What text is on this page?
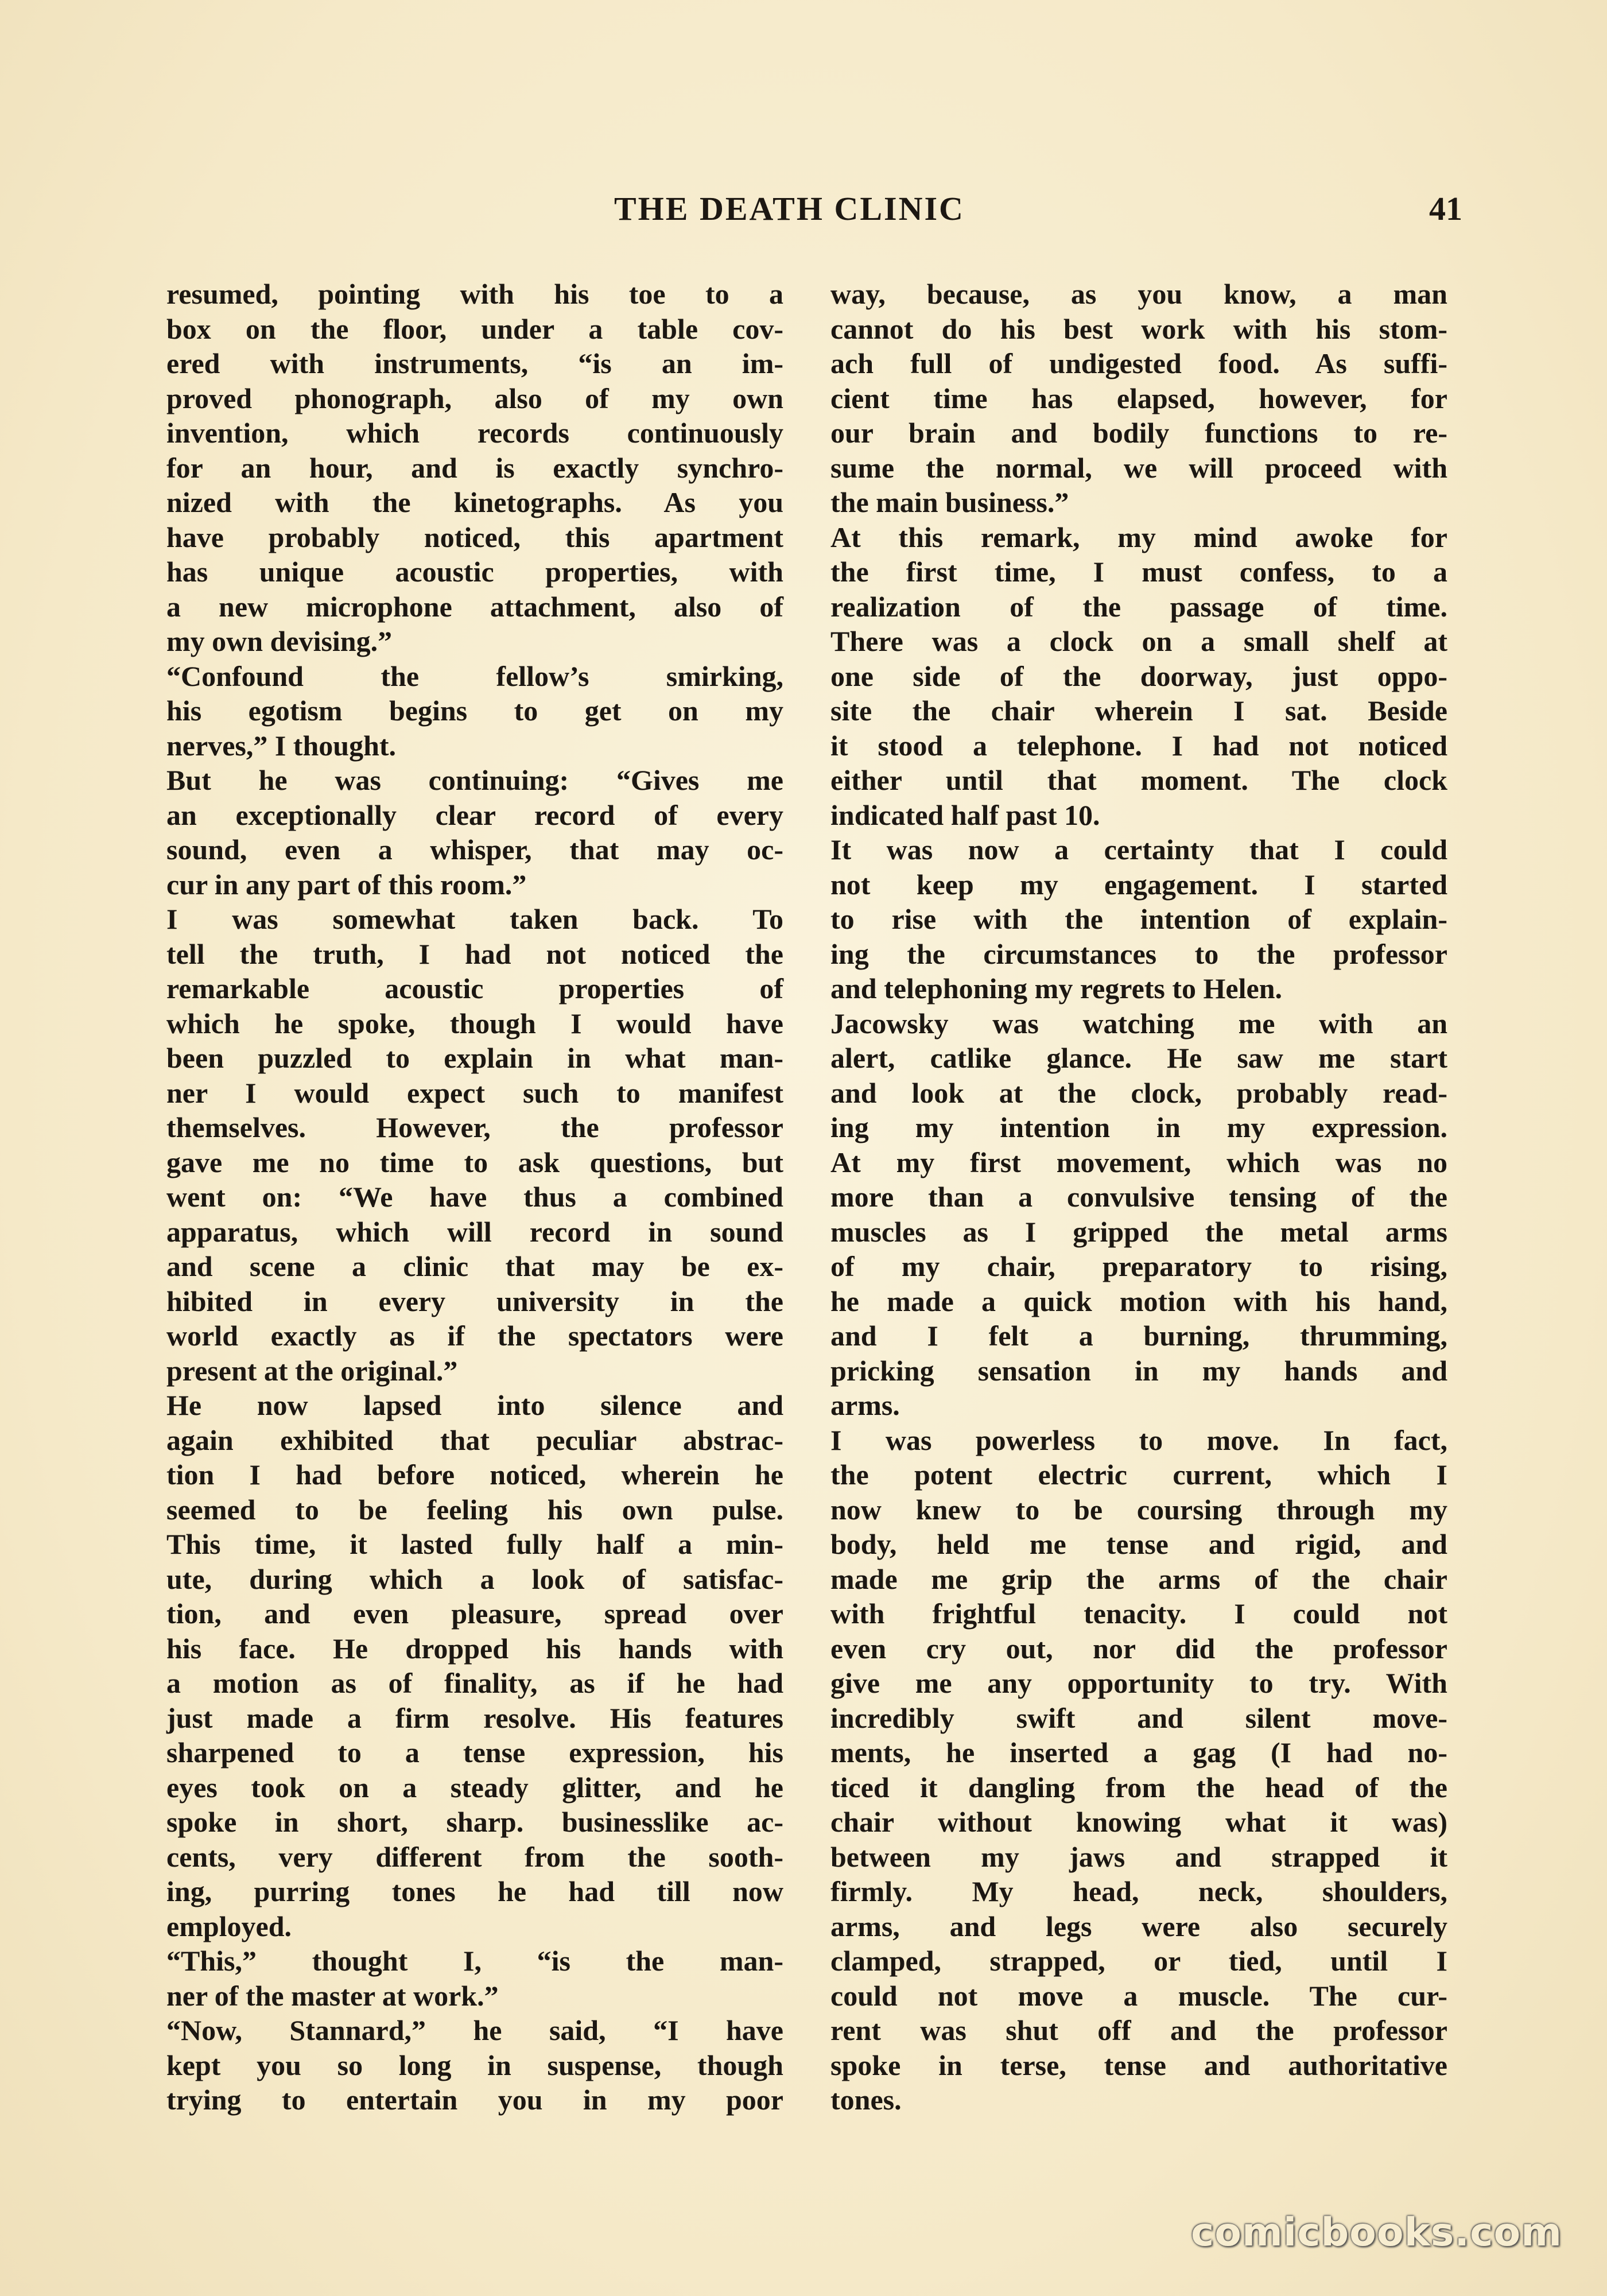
THE DEATH CLINIC	41
resumed, pointing with his toe to a
box on the floor, under a table cov-
ered with instruments, “is an im-
proved phonograph, also of my own
invention, which records continuously
for an hour, and is exactly synchro-
nized with the kinetographs. As you
have probably noticed, this apartment
has unique acoustic properties, with
a new microphone attachment, also of
my own devising.”
“Confound the fellow’s smirking,
his egotism begins to get on my
nerves,” I thought.
But he was continuing: “Gives me
an exceptionally clear record of every
sound, even a whisper, that may oc-
cur in any part of this room.”
I was somewhat taken back. To
tell the truth, I had not noticed the
remarkable acoustic properties of
which he spoke, though I would have
been puzzled to explain in what man-
ner I would expect such to manifest
themselves. However, the professor
gave me no time to ask questions, but
went on: “We have thus a combined
apparatus, which will record in sound
and scene a clinic that may be ex-
hibited in every university in the
world exactly as if the spectators were
present at the original.”
He now lapsed into silence and
again exhibited that peculiar abstrac-
tion I had before noticed, wherein he
seemed to be feeling his own pulse.
This time, it lasted fully half a min-
ute, during which a look of satisfac-
tion, and even pleasure, spread over
his face. He dropped his hands with
a motion as of finality, as if he had
just made a firm resolve. His features
sharpened to a tense expression, his
eyes took on a steady glitter, and he
spoke in short, sharp. businesslike ac-
cents, very different from the sooth-
ing, purring tones he had till now
employed.
“This,” thought I, “is the man-
ner of the master at work.”
“Now, Stannard,” he said, “I have
kept you so long in suspense, though
trying to entertain you in my poor
way, because, as you know, a man
cannot do his best work with his stom-
ach full of undigested food. As suffi-
cient time has elapsed, however, for
our brain and bodily functions to re-
sume the normal, we will proceed with
the main business.”
At this remark, my mind awoke for
the first time, I must confess, to a
realization of the passage of time.
There was a clock on a small shelf at
one side of the doorway, just oppo-
site the chair wherein I sat. Beside
it stood a telephone. I had not noticed
either until that moment. The clock
indicated half past 10.
It was now a certainty that I could
not keep my engagement. I started
to rise with the intention of explain-
ing the circumstances to the professor
and telephoning my regrets to Helen.
Jacowsky was watching me with an
alert, catlike glance. He saw me start
and look at the clock, probably read-
ing my intention in my expression.
At my first movement, which was no
more than a convulsive tensing of the
muscles as I gripped the metal arms
of my chair, preparatory to rising,
he made a quick motion with his hand,
and I felt a burning, thrumming,
pricking sensation in my hands and
arms.
I was powerless to move. In fact,
the potent electric current, which I
now knew to be coursing through my
body, held me tense and rigid, and
made me grip the arms of the chair
with frightful tenacity. I could not
even cry out, nor did the professor
give me any opportunity to try. With
incredibly swift and silent move-
ments, he inserted a gag (I had no-
ticed it dangling from the head of the
chair without knowing what it was)
between my jaws and strapped it
firmly. My head, neck, shoulders,
arms, and legs were also securely
clamped, strapped, or tied, until I
could not move a muscle. The cur-
rent was shut off and the professor
spoke in terse, tense and authoritative
tones.
comicbooks.com
